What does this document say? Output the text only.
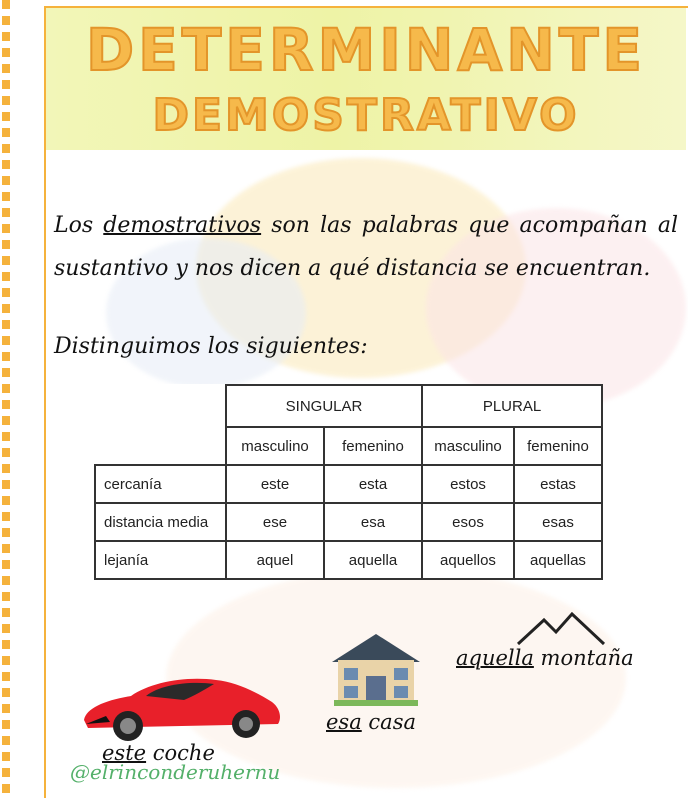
DETERMINANTE
DEMOSTRATIVO
Los demostrativos son las palabras que acompañan al sustantivo y nos dicen a qué distancia se encuentran.
Distinguimos los siguientes:
	SINGULAR		PLURAL	
	masculino	femenino	masculino	femenino
cercanía	este	esta	estos	estas
distancia media	ese	esa	esos	esas
lejanía	aquel	aquella	aquellos	aquellas
este coche
esa casa
aquella montaña
@elrinconderuhernu
